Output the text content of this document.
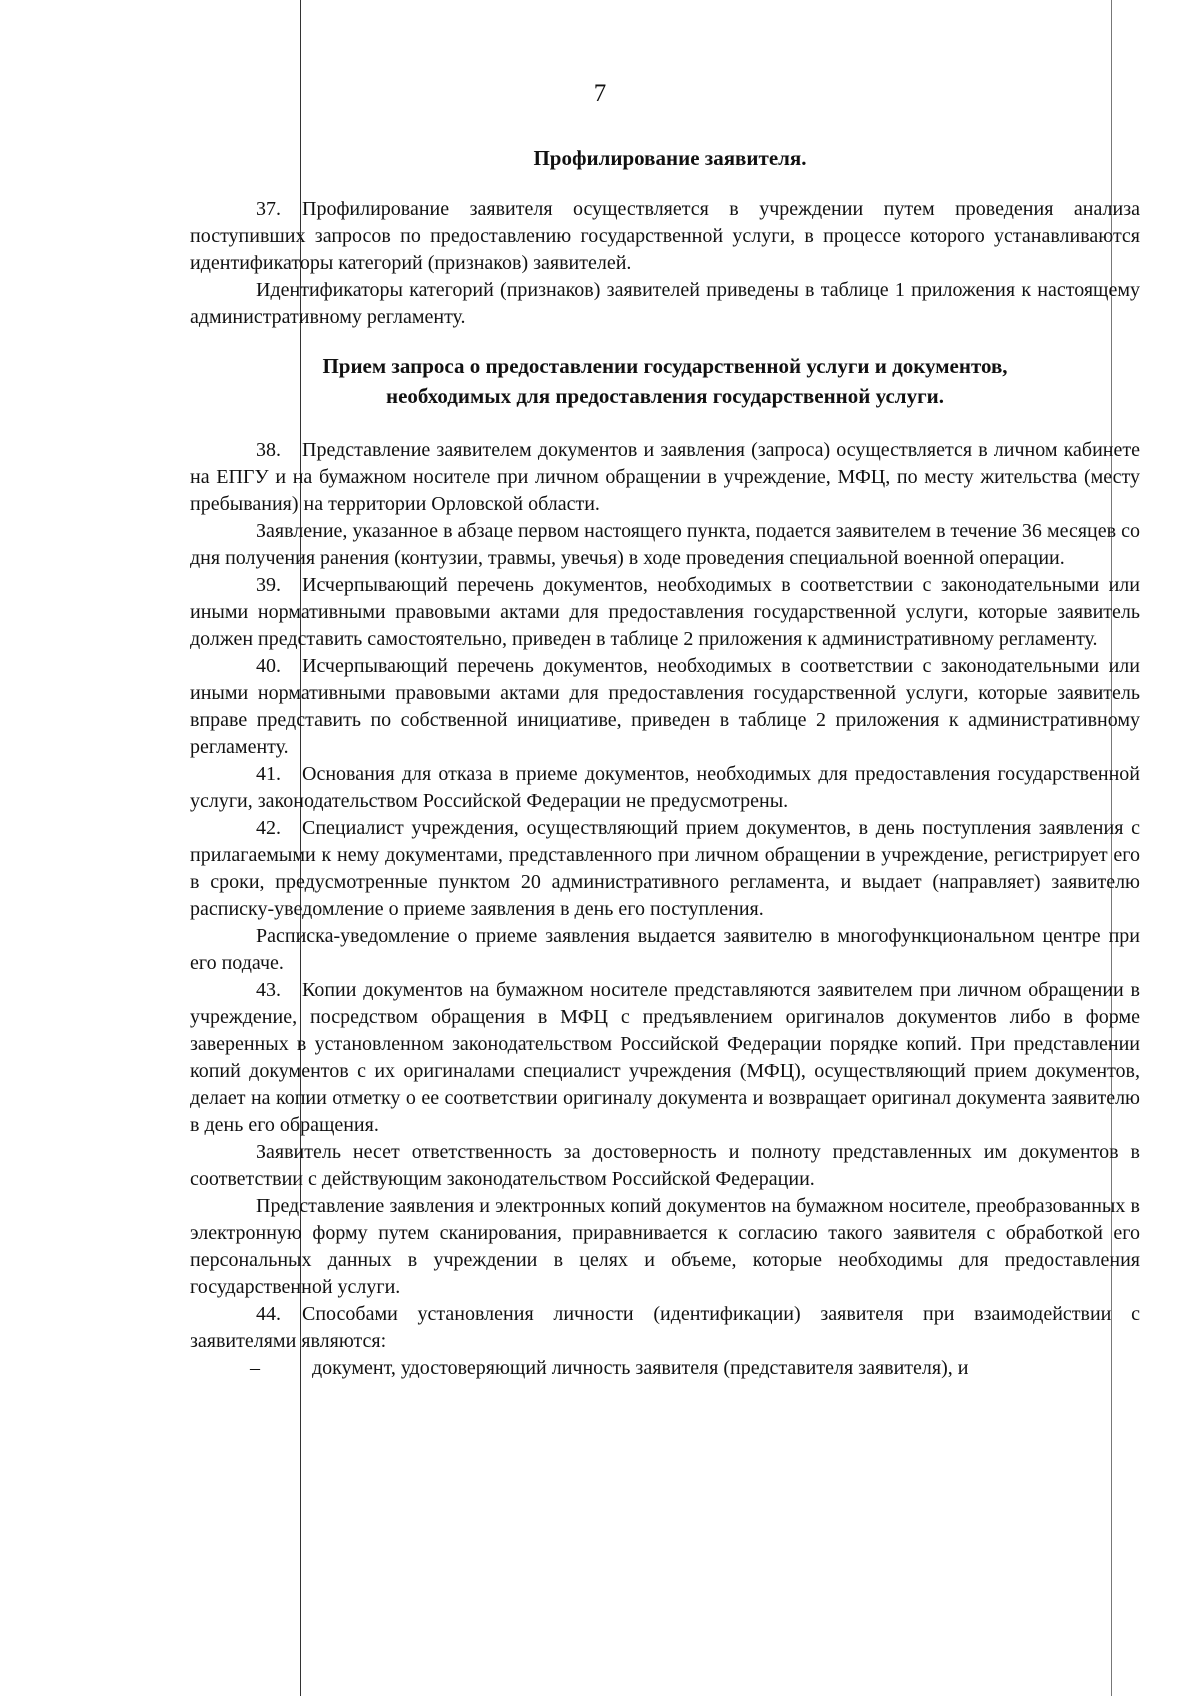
7
Профилирование заявителя.

37. Профилирование заявителя осуществляется в учреждении путем проведения анализа поступивших запросов по предоставлению государственной услуги, в процессе которого устанавливаются идентификаторы категорий (признаков) заявителей.

Идентификаторы категорий (признаков) заявителей приведены в таблице 1 приложения к настоящему административному регламенту.

Прием запроса о предоставлении государственной услуги и документов,

необходимых для предоставления государственной услуги.

38. Представление заявителем документов и заявления (запроса) осуществляется в личном кабинете на ЕПГУ и на бумажном носителе при личном обращении в учреждение, МФЦ, по месту жительства (месту пребывания) на территории Орловской области.

Заявление, указанное в абзаце первом настоящего пункта, подается заявителем в течение 36 месяцев со дня получения ранения (контузии, травмы, увечья) в ходе проведения специальной военной операции.

39. Исчерпывающий перечень документов, необходимых в соответствии с законодательными или иными нормативными правовыми актами для предоставления государственной услуги, которые заявитель должен представить самостоятельно, приведен в таблице 2 приложения к административному регламенту.

40. Исчерпывающий перечень документов, необходимых в соответствии с законодательными или иными нормативными правовыми актами для предоставления государственной услуги, которые заявитель вправе представить по собственной инициативе, приведен в таблице 2 приложения к административному регламенту.

41. Основания для отказа в приеме документов, необходимых для предоставления государственной услуги, законодательством Российской Федерации не предусмотрены.

42. Специалист учреждения, осуществляющий прием документов, в день поступления заявления с прилагаемыми к нему документами, представленного при личном обращении в учреждение, регистрирует его в сроки, предусмотренные пунктом 20 административного регламента, и выдает (направляет) заявителю расписку-уведомление о приеме заявления в день его поступления.

Расписка-уведомление о приеме заявления выдается заявителю в многофункциональном центре при его подаче.

43. Копии документов на бумажном носителе представляются заявителем при личном обращении в учреждение, посредством обращения в МФЦ с предъявлением оригиналов документов либо в форме заверенных в установленном законодательством Российской Федерации порядке копий. При представлении копий документов с их оригиналами специалист учреждения (МФЦ), осуществляющий прием документов, делает на копии отметку о ее соответствии оригиналу документа и возвращает оригинал документа заявителю в день его обращения.

Заявитель несет ответственность за достоверность и полноту представленных им документов в соответствии с действующим законодательством Российской Федерации.

Представление заявления и электронных копий документов на бумажном носителе, преобразованных в электронную форму путем сканирования, приравнивается к согласию такого заявителя с обработкой его персональных данных в учреждении в целях и объеме, которые необходимы для предоставления государственной услуги.

44. Способами установления личности (идентификации) заявителя при взаимодействии с заявителями являются:

–	документ, удостоверяющий личность заявителя (представителя заявителя), и
